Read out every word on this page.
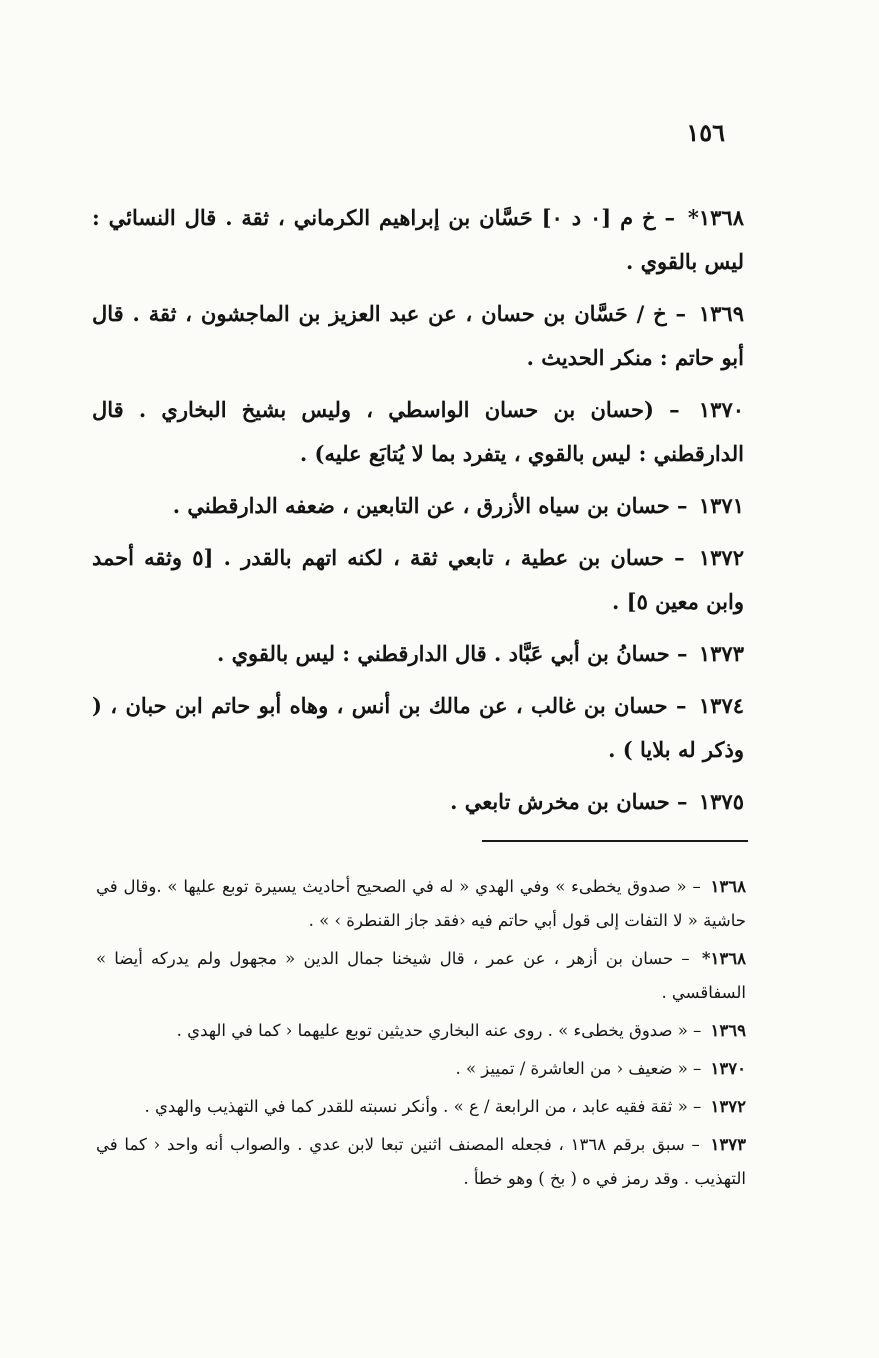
١٥٦

١٣٦٨* – خ م [٠ د ٠] حَسَّان بن إبراهيم الكرماني ، ثقة . قال النسائي : ليس بالقوي .

١٣٦٩ – خ / حَسَّان بن حسان ، عن عبد العزيز بن الماجشون ، ثقة . قال أبو حاتم : منكر الحديث .

١٣٧٠ – (حسان بن حسان الواسطي ، وليس بشيخ البخاري . قال الدارقطني : ليس بالقوي ، يتفرد بما لا يُتابَع عليه) .

١٣٧١ – حسان بن سياه الأزرق ، عن التابعين ، ضعفه الدارقطني .

١٣٧٢ – حسان بن عطية ، تابعي ثقة ، لكنه اتهم بالقدر . [٥ وثقه أحمد وابن معين ٥] .

١٣٧٣ – حسانُ بن أبي عَبَّاد . قال الدارقطني : ليس بالقوي .

١٣٧٤ – حسان بن غالب ، عن مالك بن أنس ، وهاه أبو حاتم ابن حبان ، ( وذكر له بلايا ) .

١٣٧٥ – حسان بن مخرش تابعي .

١٣٦٨ – « صدوق يخطىء » وفي الهدي « له في الصحيح أحاديث يسيرة توبع عليها » .وقال في حاشية « لا التفات إلى قول أبي حاتم فيه ‹فقد جاز القنطرة › » .

١٣٦٨* – حسان بن أزهر ، عن عمر ، قال شيخنا جمال الدين « مجهول ولم يدركه أيضا » السفاقسي .

١٣٦٩ – « صدوق يخطىء » . روى عنه البخاري حديثين توبع عليهما ‹ كما في الهدي .

١٣٧٠ – « ضعيف ‹ من العاشرة / تمييز » .

١٣٧٢ – « ثقة فقيه عابد ، من الرابعة / ع » . وأنكر نسبته للقدر كما في التهذيب والهدي .

١٣٧٣ – سبق برقم ١٣٦٨ ، فجعله المصنف اثنين تبعا لابن عدي . والصواب أنه واحد ‹ كما في التهذيب . وقد رمز في ه ( بخ ) وهو خطأ .
